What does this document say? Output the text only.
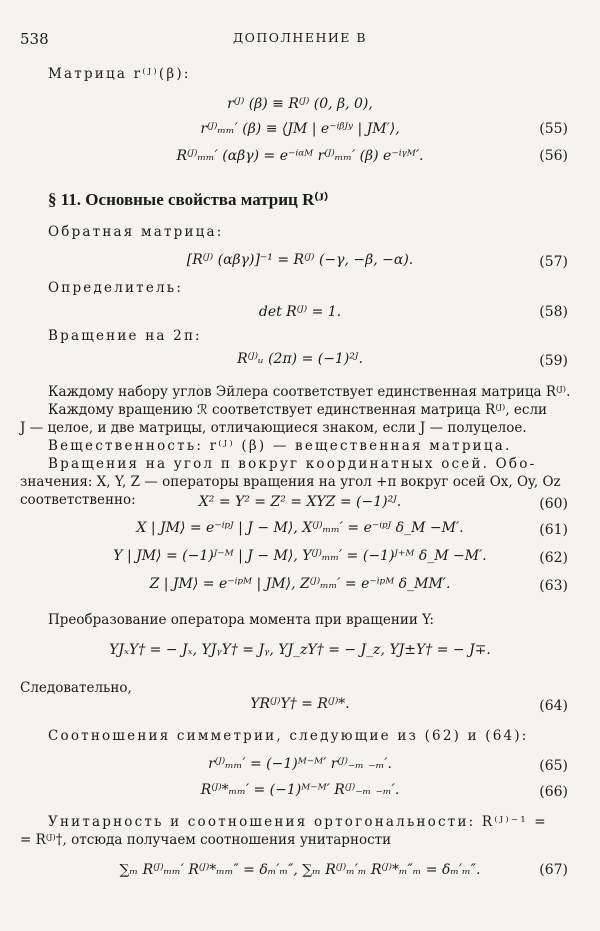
538	ДОПОЛНЕНИЕ В
Матрица r⁽ᴶ⁾(β):
r⁽ᴶ⁾ (β) ≡ R⁽ᴶ⁾ (0, β, 0),
r⁽ᴶ⁾ₘₘ′ (β) ≡ ⟨JM | e⁻ⁱᵝᴶʸ | JM′⟩,	(55)
R⁽ᴶ⁾ₘₘ′ (αβγ) = e⁻ⁱᵅᴹ r⁽ᴶ⁾ₘₘ′ (β) e⁻ⁱᵞᴹ′.	(56)
§ 11. Основные свойства матриц R⁽ᴶ⁾
Обратная матрица:
[R⁽ᴶ⁾ (αβγ)]⁻¹ = R⁽ᴶ⁾ (−γ, −β, −α).	(57)
Определитель:
det R⁽ᴶ⁾ = 1.	(58)
Вращение на 2π:
R⁽ᴶ⁾ᵤ (2π) = (−1)²ᴶ.	(59)
Каждому набору углов Эйлера соответствует единственная матрица R⁽ᴶ⁾.
Каждому вращению ℛ соответствует единственная матрица R⁽ᴶ⁾, если
J — целое, и две матрицы, отличающиеся знаком, если J — полуцелое.
Вещественность: r⁽ᴶ⁾ (β) — вещественная матрица.
Вращения на угол π вокруг координатных осей. Обо-
значения: X, Y, Z — операторы вращения на угол +π вокруг осей Ox, Oy, Oz
соответственно:	X² = Y² = Z² = XYZ = (−1)²ᴶ.	(60)
X | JM⟩ = e⁻ⁱᵖᴶ | J − M⟩, X⁽ᴶ⁾ₘₘ′ = e⁻ⁱᵖᴶ δ_M −M′.	(61)
Y | JM⟩ = (−1)ᴶ⁻ᴹ | J − M⟩, Y⁽ᴶ⁾ₘₘ′ = (−1)ᴶ⁺ᴹ δ_M −M′.	(62)
Z | JM⟩ = e⁻ⁱᵖᴹ | JM⟩, Z⁽ᴶ⁾ₘₘ′ = e⁻ⁱᵖᴹ δ_MM′.	(63)
Преобразование оператора момента при вращении Y:
YJₓY† = − Jₓ, YJᵧY† = Jᵧ, YJ_zY† = − J_z, YJ±Y† = − J∓.
Следовательно,
YR⁽ᴶ⁾Y† = R⁽ᴶ⁾*.	(64)
Соотношения симметрии, следующие из (62) и (64):
r⁽ᴶ⁾ₘₘ′ = (−1)ᴹ⁻ᴹ′ r⁽ᴶ⁾₋ₘ ₋ₘ′.	(65)
R⁽ᴶ⁾*ₘₘ′ = (−1)ᴹ⁻ᴹ′ R⁽ᴶ⁾₋ₘ ₋ₘ′.	(66)
Унитарность и соотношения ортогональности: R⁽ᴶ⁾⁻¹ =
= R⁽ᴶ⁾†, отсюда получаем соотношения унитарности
∑ₘ R⁽ᴶ⁾ₘₘ′ R⁽ᴶ⁾*ₘₘ″ = δₘ′ₘ″, ∑ₘ R⁽ᴶ⁾ₘ′ₘ R⁽ᴶ⁾*ₘ″ₘ = δₘ′ₘ″.	(67)
